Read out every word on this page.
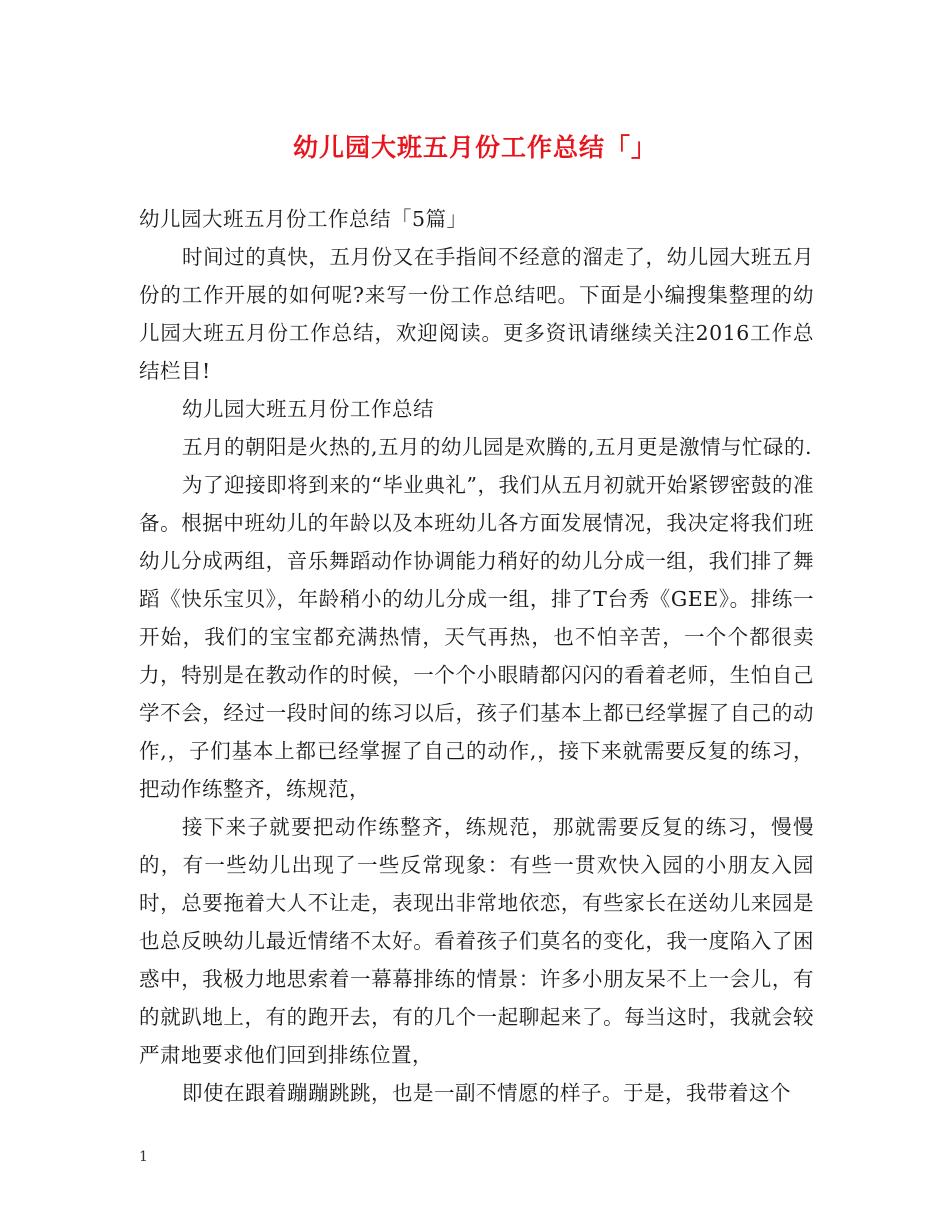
幼儿园大班五月份工作总结「」

幼儿园大班五月份工作总结「5篇」

时间过的真快，五月份又在手指间不经意的溜走了，幼儿园大班五月份的工作开展的如何呢?来写一份工作总结吧。下面是小编搜集整理的幼儿园大班五月份工作总结，欢迎阅读。更多资讯请继续关注2016工作总结栏目!

幼儿园大班五月份工作总结

五月的朝阳是火热的,五月的幼儿园是欢腾的,五月更是激情与忙碌的.

为了迎接即将到来的“毕业典礼”，我们从五月初就开始紧锣密鼓的准备。根据中班幼儿的年龄以及本班幼儿各方面发展情况，我决定将我们班幼儿分成两组，音乐舞蹈动作协调能力稍好的幼儿分成一组，我们排了舞蹈《快乐宝贝》，年龄稍小的幼儿分成一组，排了T台秀《GEE》。排练一开始，我们的宝宝都充满热情，天气再热，也不怕辛苦，一个个都很卖力，特别是在教动作的时候，一个个小眼睛都闪闪的看着老师，生怕自己学不会，经过一段时间的练习以后，孩子们基本上都已经掌握了自己的动作,，子们基本上都已经掌握了自己的动作,，接下来就需要反复的练习，把动作练整齐，练规范，

接下来子就要把动作练整齐，练规范，那就需要反复的练习，慢慢的，有一些幼儿出现了一些反常现象：有些一贯欢快入园的小朋友入园时，总要拖着大人不让走，表现出非常地依恋，有些家长在送幼儿来园是也总反映幼儿最近情绪不太好。看着孩子们莫名的变化，我一度陷入了困惑中，我极力地思索着一幕幕排练的情景：许多小朋友呆不上一会儿，有的就趴地上，有的跑开去，有的几个一起聊起来了。每当这时，我就会较严肃地要求他们回到排练位置，

即使在跟着蹦蹦跳跳，也是一副不情愿的样子。于是，我带着这个

1
